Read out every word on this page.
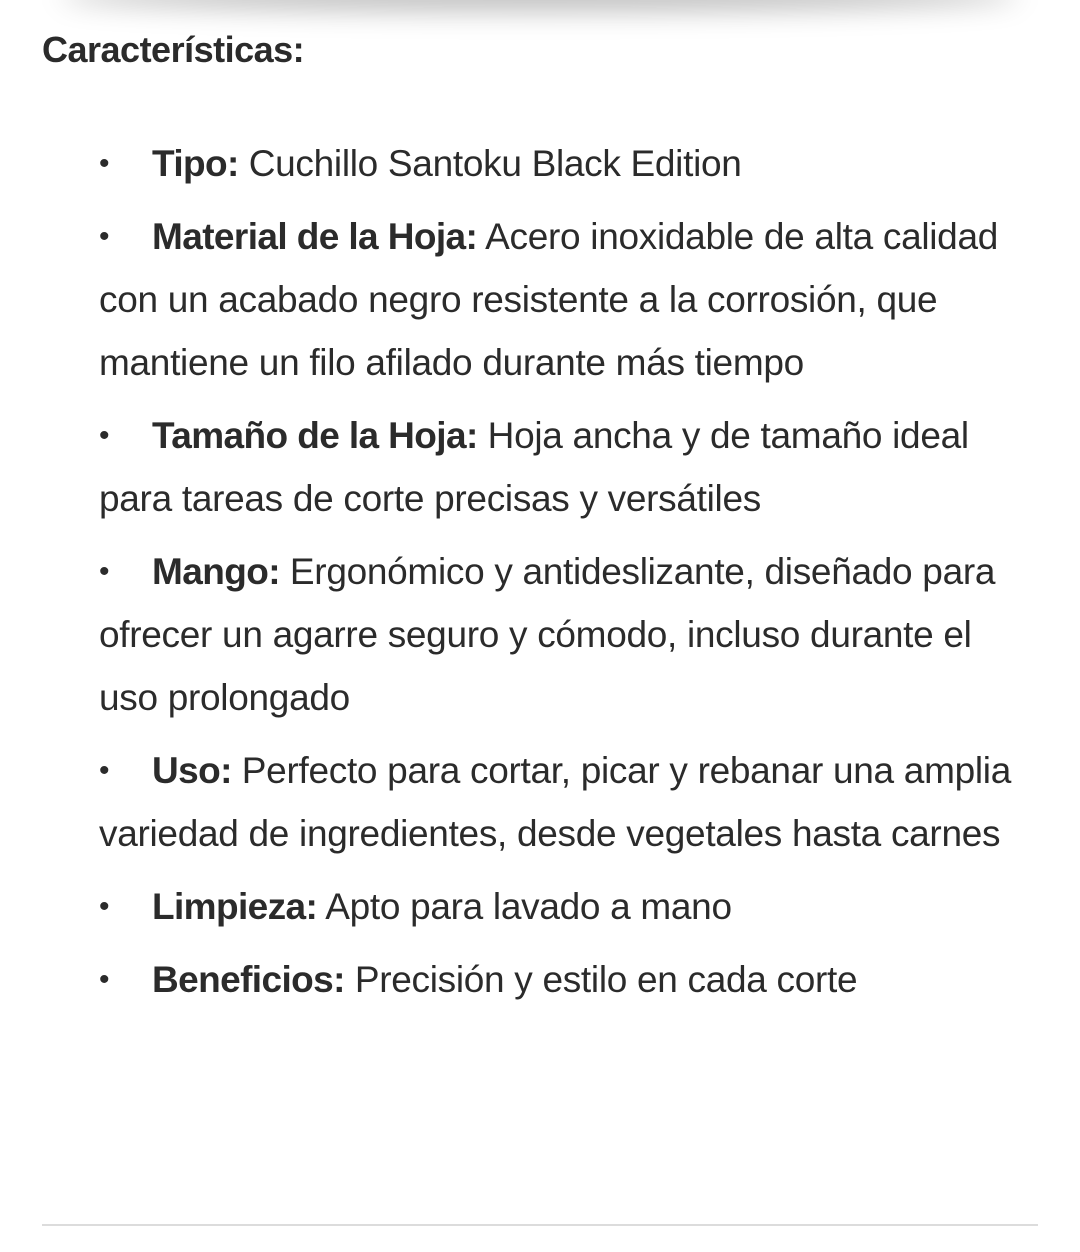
Características:
• Tipo: Cuchillo Santoku Black Edition
• Material de la Hoja: Acero inoxidable de alta calidad con un acabado negro resistente a la corrosión, que mantiene un filo afilado durante más tiempo
• Tamaño de la Hoja: Hoja ancha y de tamaño ideal para tareas de corte precisas y versátiles
• Mango: Ergonómico y antideslizante, diseñado para ofrecer un agarre seguro y cómodo, incluso durante el uso prolongado
• Uso: Perfecto para cortar, picar y rebanar una amplia variedad de ingredientes, desde vegetales hasta carnes
• Limpieza: Apto para lavado a mano
• Beneficios: Precisión y estilo en cada corte
